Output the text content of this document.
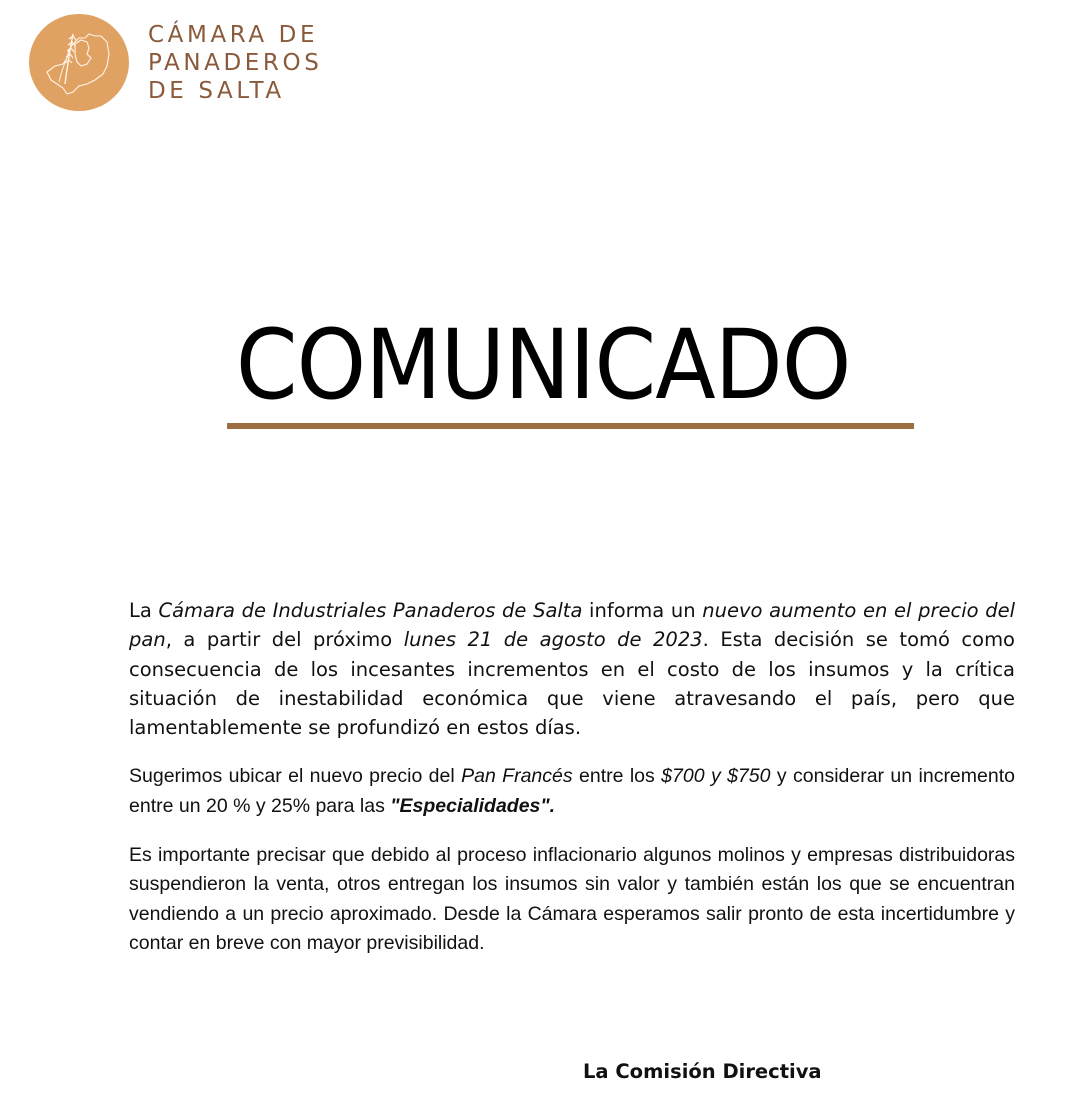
CÁMARA DE
PANADEROS
DE SALTA
COMUNICADO

La Cámara de Industriales Panaderos de Salta informa un nuevo aumento en el precio del pan, a partir del próximo lunes 21 de agosto de 2023. Esta decisión se tomó como consecuencia de los incesantes incrementos en el costo de los insumos y la crítica situación de inestabilidad económica que viene atravesando el país, pero que lamentablemente se profundizó en estos días.

Sugerimos ubicar el nuevo precio del Pan Francés entre los $700 y $750 y considerar un incremento entre un 20 % y 25% para las "Especialidades".

Es importante precisar que debido al proceso inflacionario algunos molinos y empresas distribuidoras suspendieron la venta, otros entregan los insumos sin valor y también están los que se encuentran vendiendo a un precio aproximado. Desde la Cámara esperamos salir pronto de esta incertidumbre y contar en breve con mayor previsibilidad.

La Comisión Directiva
